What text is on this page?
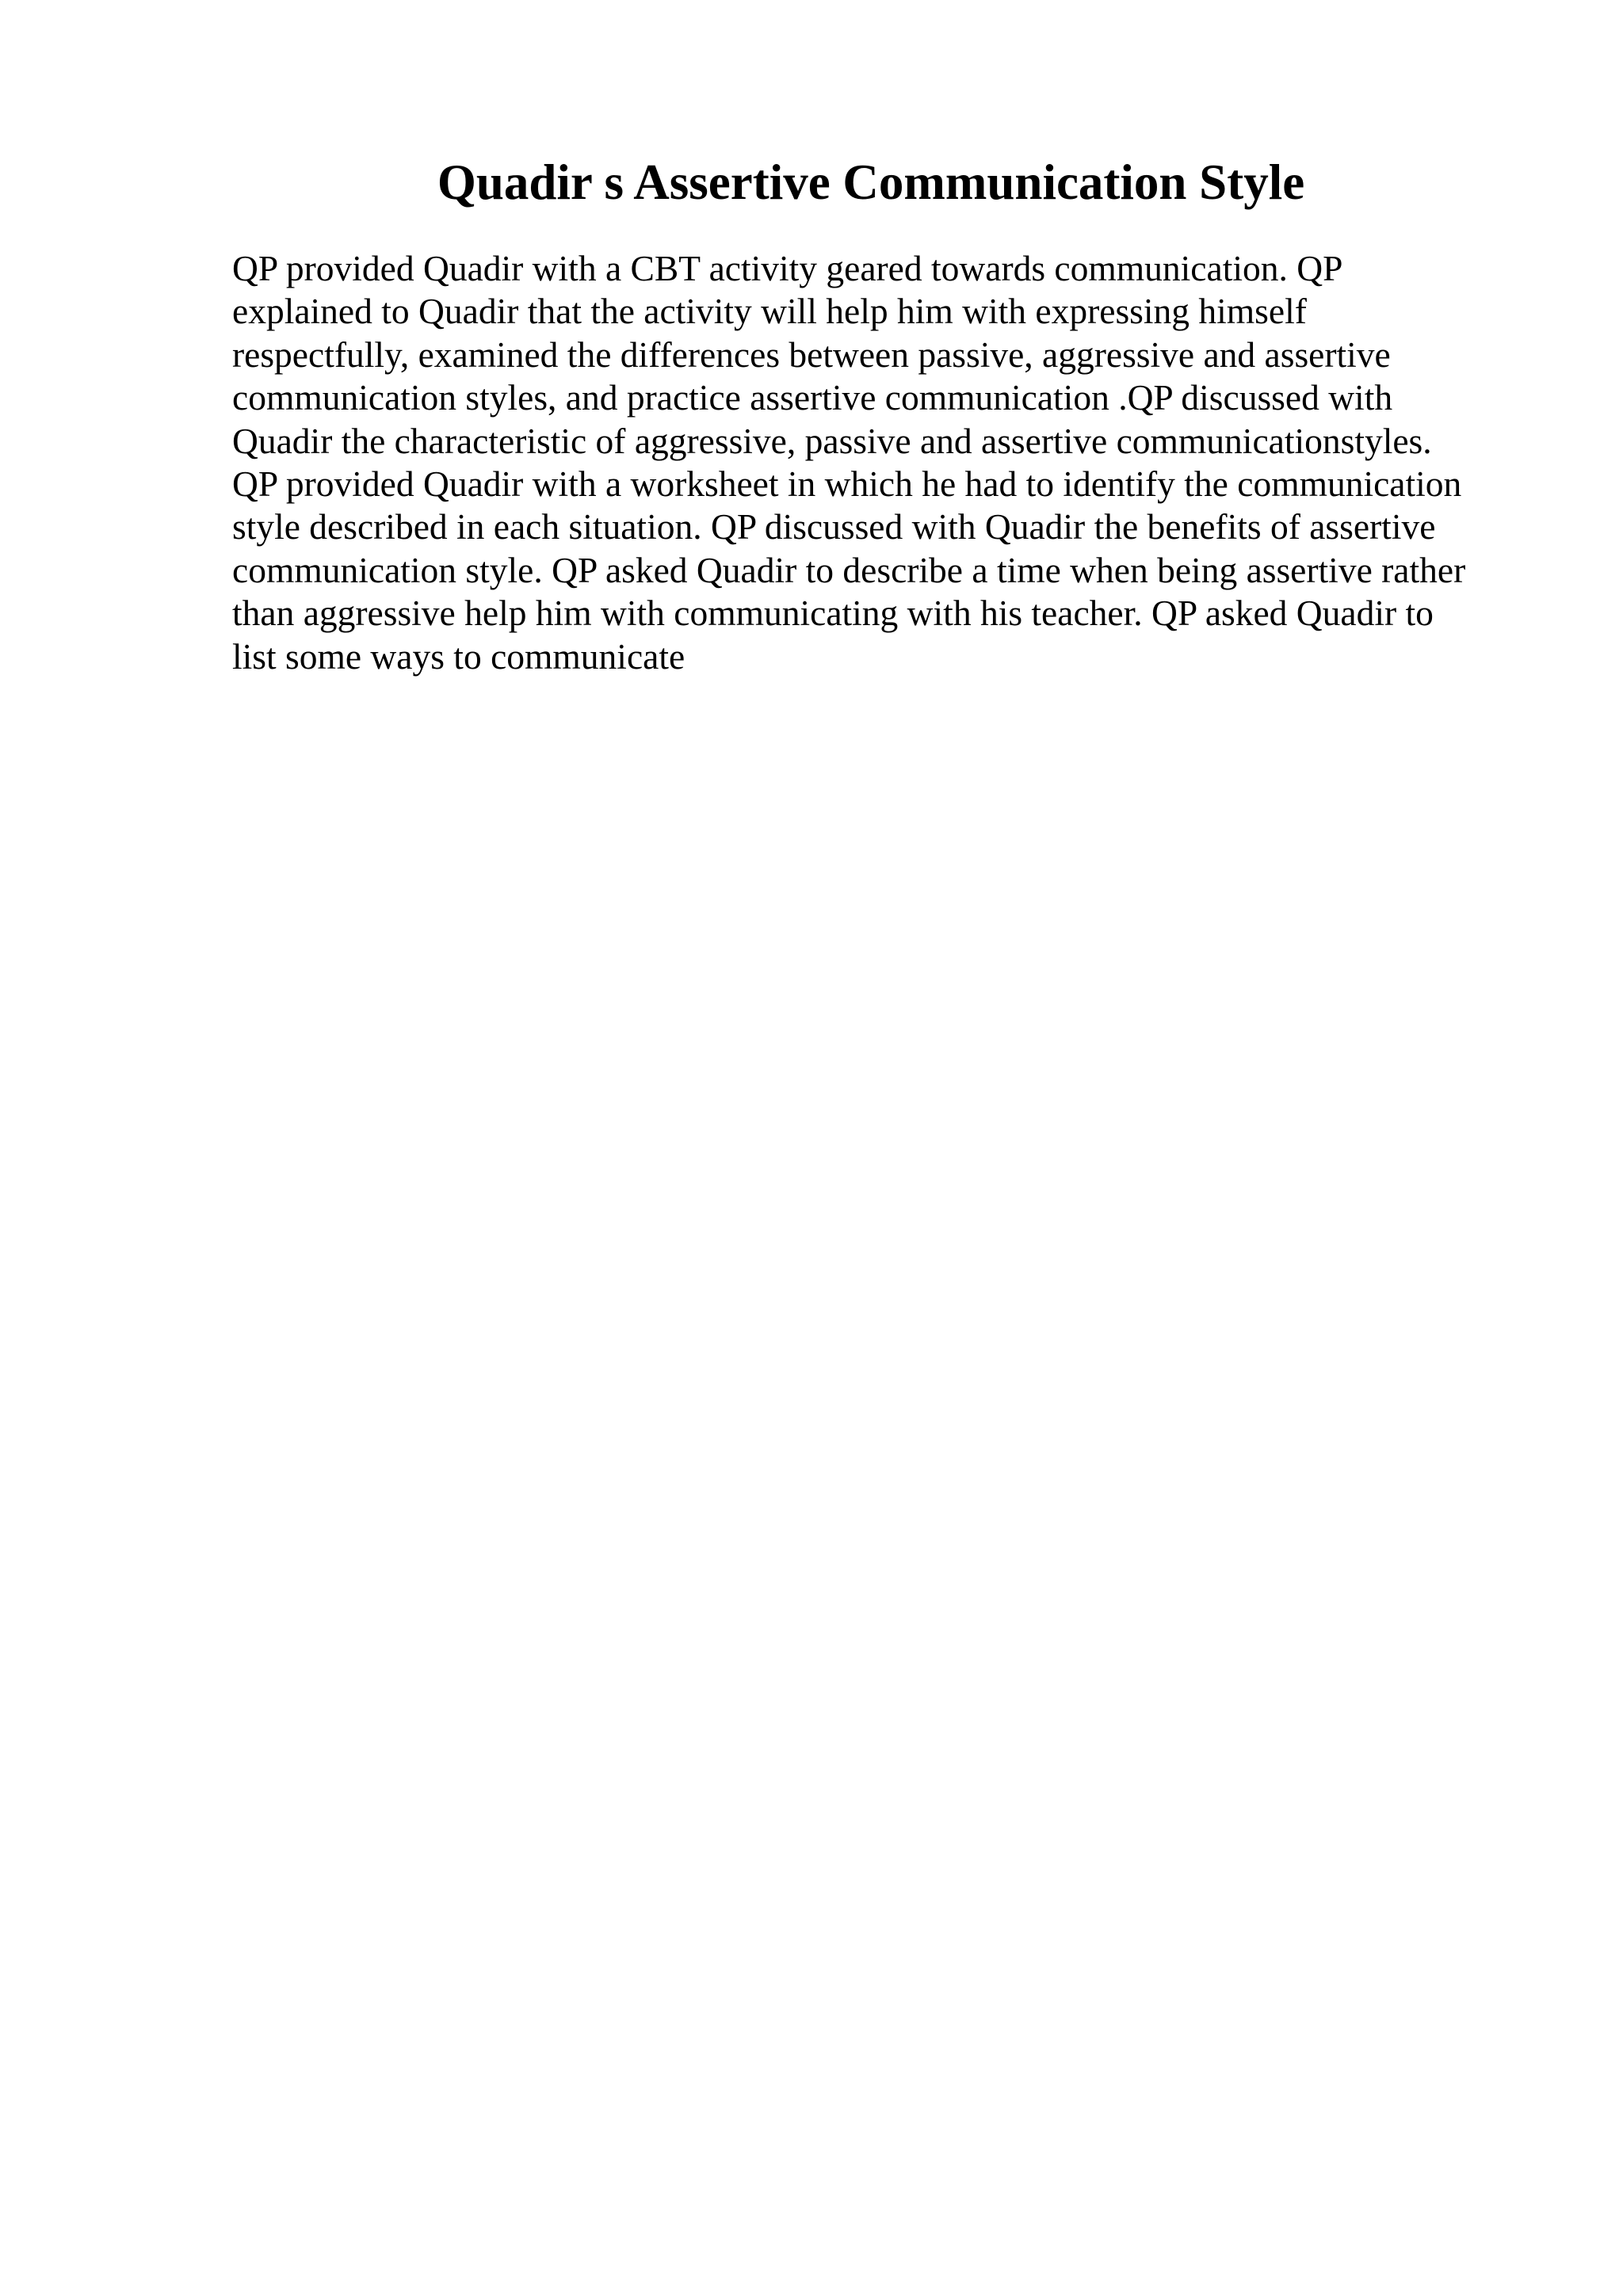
Quadir s Assertive Communication Style

QP provided Quadir with a CBT activity geared towards communication. QP
explained to Quadir that the activity will help him with expressing himself
respectfully, examined the differences between passive, aggressive and assertive
communication styles, and practice assertive communication .QP discussed with
Quadir the characteristic of aggressive, passive and assertive communicationstyles.
QP provided Quadir with a worksheet in which he had to identify the communication
style described in each situation. QP discussed with Quadir the benefits of assertive
communication style. QP asked Quadir to describe a time when being assertive rather
than aggressive help him with communicating with his teacher. QP asked Quadir to
list some ways to communicate
